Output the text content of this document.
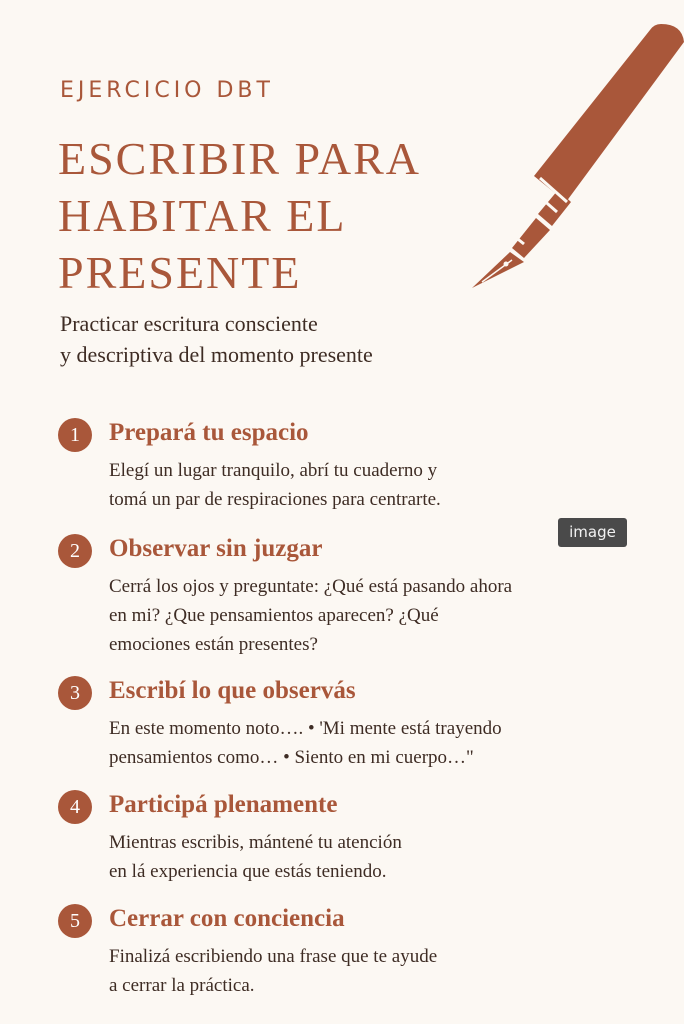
EJERCICIO DBT
ESCRIBIR PARA HABITAR EL PRESENTE
Practicar escritura consciente
y descriptiva del momento presente
1	Prepará tu espacio
Elegí un lugar tranquilo, abrí tu cuaderno y
tomá un par de respiraciones para centrarte.
2	Observar sin juzgar
Cerrá los ojos y preguntate: ¿Qué está pasando ahora
en mi? ¿Que pensamientos aparecen? ¿Qué
emociones están presentes?
3	Escribí lo que observás
En este momento noto…. • 'Mi mente está trayendo
pensamientos como… • Siento en mi cuerpo…"
4	Participá plenamente
Mientras escribis, mántené tu atención
en lá experiencia que estás teniendo.
5	Cerrar con conciencia
Finalizá escribiendo una frase que te ayude
a cerrar la práctica.
image
